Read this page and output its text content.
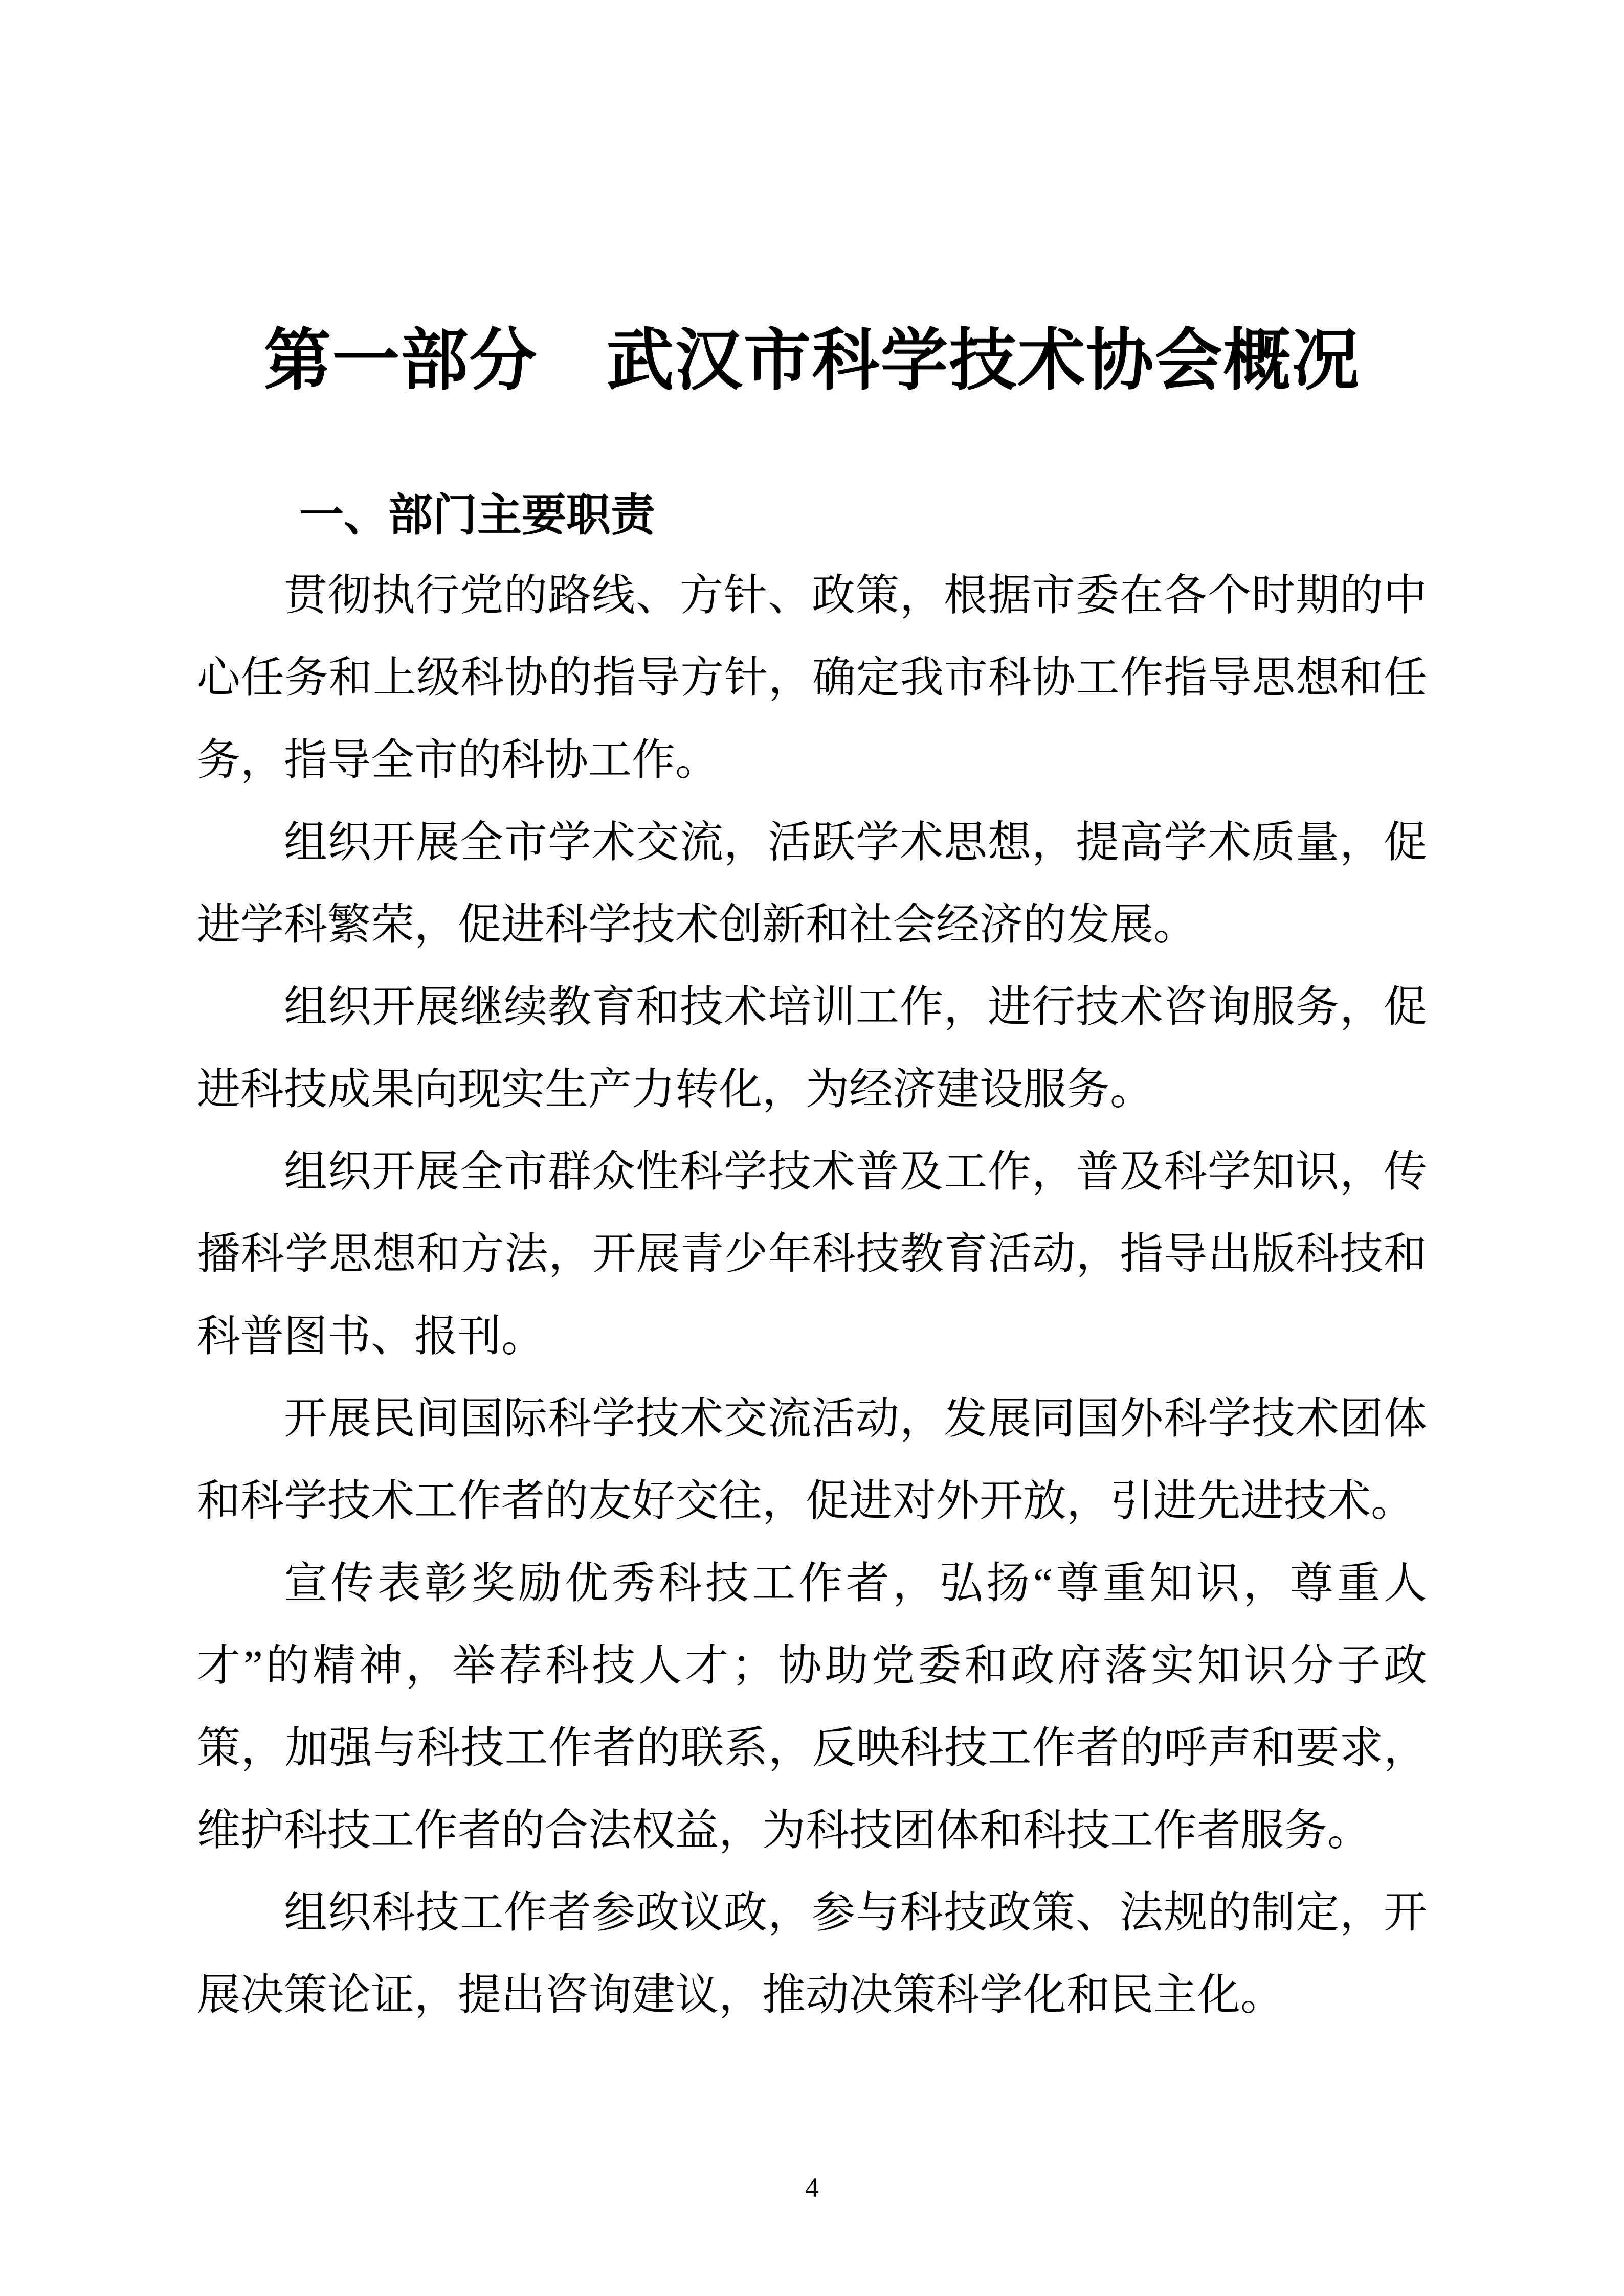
第一部分　武汉市科学技术协会概况
一、部门主要职责

贯彻执行党的路线、方针、政策，根据市委在各个时期的中心任务和上级科协的指导方针，确定我市科协工作指导思想和任务，指导全市的科协工作。

组织开展全市学术交流，活跃学术思想，提高学术质量，促进学科繁荣，促进科学技术创新和社会经济的发展。

组织开展继续教育和技术培训工作，进行技术咨询服务，促进科技成果向现实生产力转化，为经济建设服务。

组织开展全市群众性科学技术普及工作，普及科学知识，传播科学思想和方法，开展青少年科技教育活动，指导出版科技和科普图书、报刊。

开展民间国际科学技术交流活动，发展同国外科学技术团体和科学技术工作者的友好交往，促进对外开放，引进先进技术。

宣传表彰奖励优秀科技工作者，弘扬“尊重知识，尊重人才”的精神，举荐科技人才；协助党委和政府落实知识分子政策，加强与科技工作者的联系，反映科技工作者的呼声和要求，维护科技工作者的合法权益，为科技团体和科技工作者服务。

组织科技工作者参政议政，参与科技政策、法规的制定，开展决策论证，提出咨询建议，推动决策科学化和民主化。

4
